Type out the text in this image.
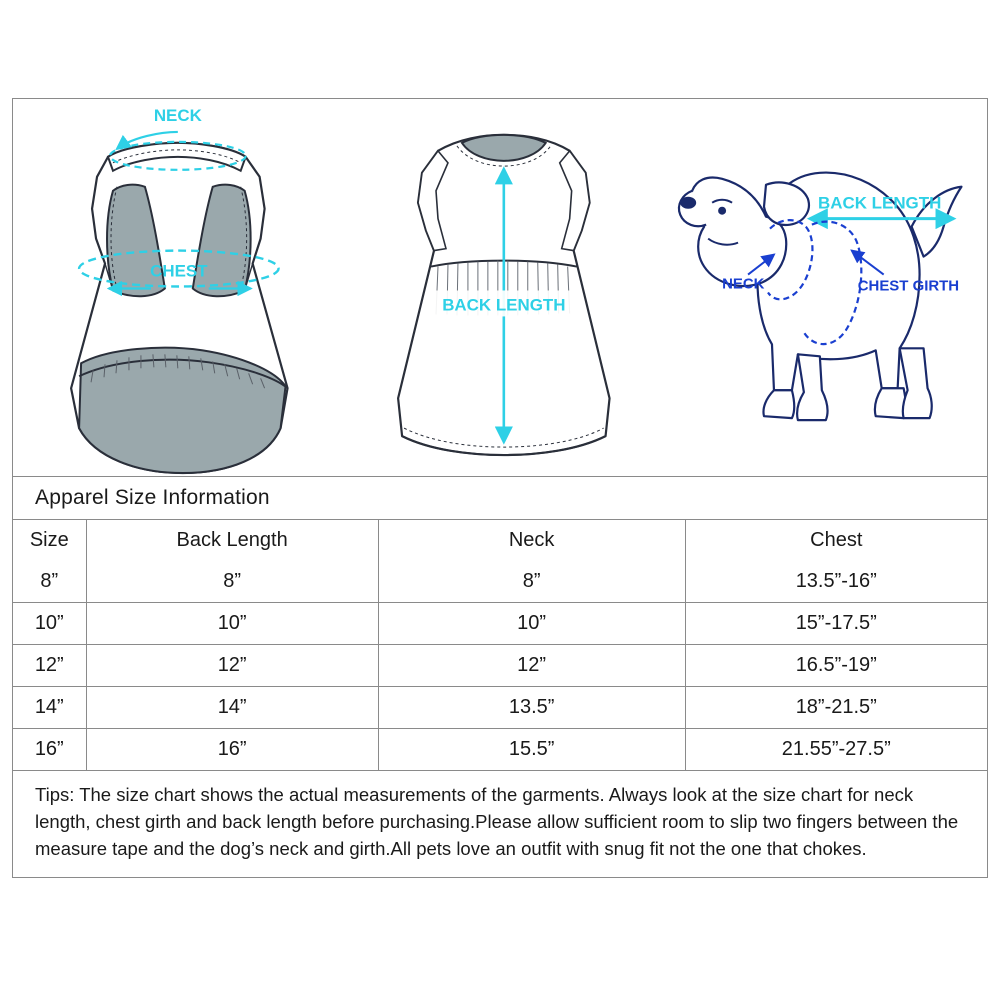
NECK
CHEST
BACK LENGTH
BACK LENGTH
NECK	CHEST GIRTH
Apparel Size Information
Size	Back Length	Neck	Chest
8”	8”	8”	13.5”-16”
10”	10”	10”	15”-17.5”
12”	12”	12”	16.5”-19”
14”	14”	13.5”	18”-21.5”
16”	16”	15.5”	21.55”-27.5”
Tips: The size chart shows the actual measurements of the garments. Always look at the size chart for neck length, chest girth and back length before purchasing.Please allow sufficient room to slip two fingers between the measure tape and the dog’s neck and girth.All pets love an outfit with snug fit not the one that chokes.
